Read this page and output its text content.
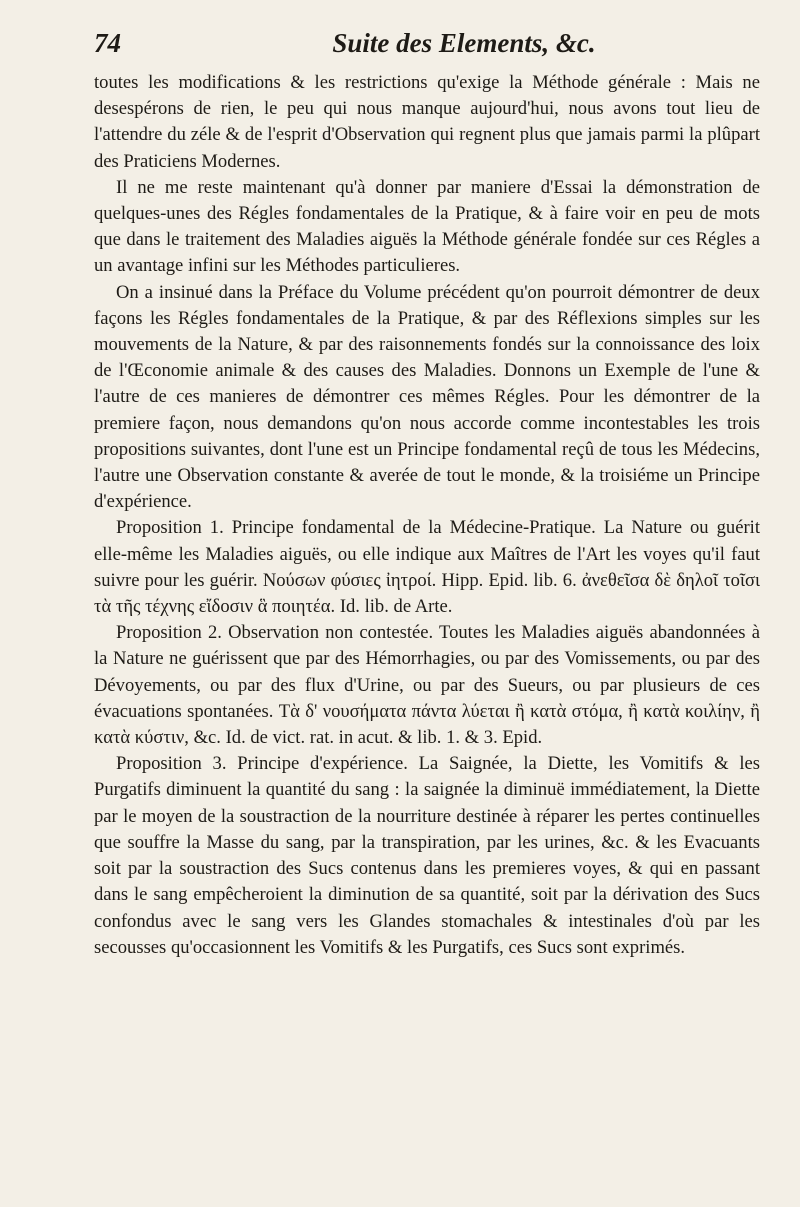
74	Suite des Elements, &c.

toutes les modifications & les restrictions qu'exige la Méthode générale : Mais ne desespérons de rien, le peu qui nous manque aujourd'hui, nous avons tout lieu de l'attendre du zéle & de l'esprit d'Observation qui regnent plus que jamais parmi la plûpart des Praticiens Modernes.

Il ne me reste maintenant qu'à donner par maniere d'Essai la démonstration de quelques-unes des Régles fondamentales de la Pratique, & à faire voir en peu de mots que dans le traitement des Maladies aiguës la Méthode générale fondée sur ces Régles a un avantage infini sur les Méthodes particulieres.

On a insinué dans la Préface du Volume précédent qu'on pourroit démontrer de deux façons les Régles fondamentales de la Pratique, & par des Réflexions simples sur les mouvements de la Nature, & par des raisonnements fondés sur la connoissance des loix de l'Œconomie animale & des causes des Maladies. Donnons un Exemple de l'une & l'autre de ces manieres de démontrer ces mêmes Régles. Pour les démontrer de la premiere façon, nous demandons qu'on nous accorde comme incontestables les trois propositions suivantes, dont l'une est un Principe fondamental reçû de tous les Médecins, l'autre une Observation constante & averée de tout le monde, & la troisiéme un Principe d'expérience.

Proposition 1. Principe fondamental de la Médecine-Pratique. La Nature ou guérit elle-même les Maladies aiguës, ou elle indique aux Maîtres de l'Art les voyes qu'il faut suivre pour les guérir. Νούσων φύσιες ἰητροί. Hipp. Epid. lib. 6. ἀνεθεῖσα δὲ δηλοῖ τοῖσι τὰ τῆς τέχνης εἴδοσιν ἃ ποιητέα. Id. lib. de Arte.

Proposition 2. Observation non contestée. Toutes les Maladies aiguës abandonnées à la Nature ne guérissent que par des Hémorrhagies, ou par des Vomissements, ou par des Dévoyements, ou par des flux d'Urine, ou par des Sueurs, ou par plusieurs de ces évacuations spontanées. Τὰ δ' νουσήματα πάντα λύεται ἢ κατὰ στόμα, ἢ κατὰ κοιλίην, ἢ κατὰ κύστιν, &c. Id. de vict. rat. in acut. & lib. 1. & 3. Epid.

Proposition 3. Principe d'expérience. La Saignée, la Diette, les Vomitifs & les Purgatifs diminuent la quantité du sang : la saignée la diminuë immédiatement, la Diette par le moyen de la soustraction de la nourriture destinée à réparer les pertes continuelles que souffre la Masse du sang, par la transpiration, par les urines, &c. & les Evacuants soit par la soustraction des Sucs contenus dans les premieres voyes, & qui en passant dans le sang empêcheroient la diminution de sa quantité, soit par la dérivation des Sucs confondus avec le sang vers les Glandes stomachales & intestinales d'où par les secousses qu'occasionnent les Vomitifs & les Purgatifs, ces Sucs sont exprimés.
